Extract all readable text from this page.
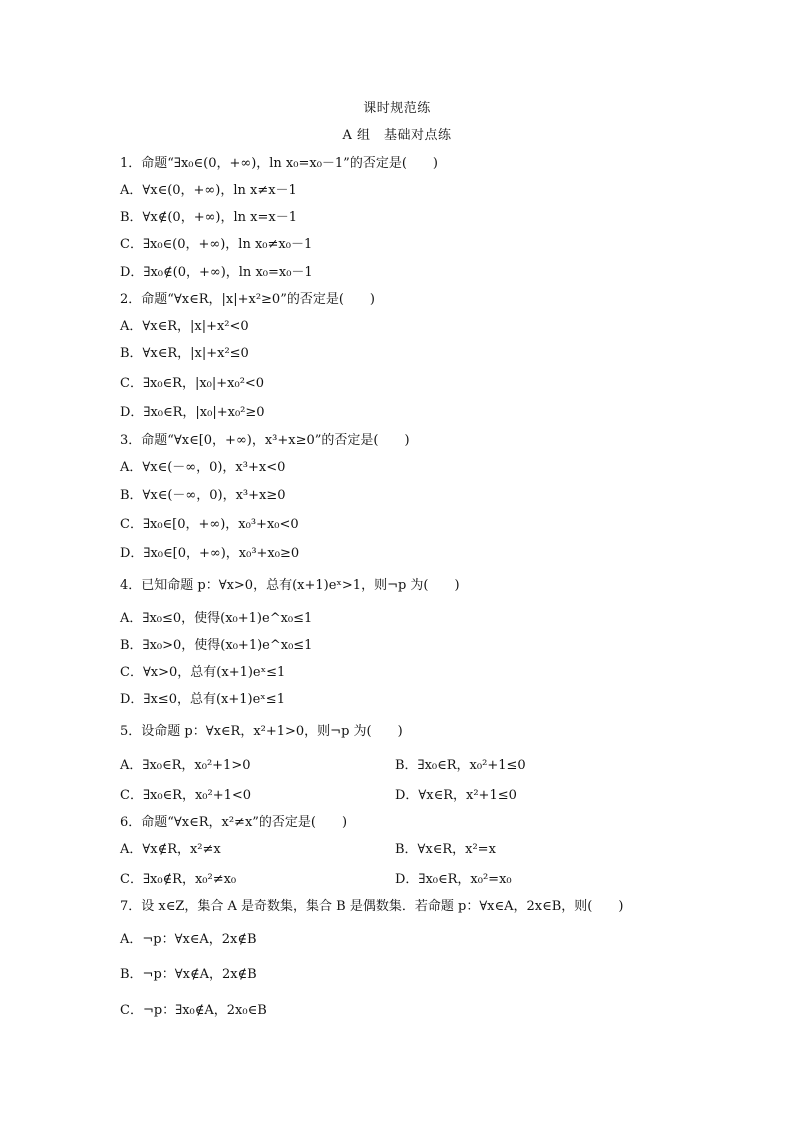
课时规范练
A 组　基础对点练
1．命题“∃x₀∈(0，+∞)，ln x₀=x₀－1”的否定是(　　)
A．∀x∈(0，+∞)，ln x≠x－1
B．∀x∉(0，+∞)，ln x=x－1
C．∃x₀∈(0，+∞)，ln x₀≠x₀－1
D．∃x₀∉(0，+∞)，ln x₀=x₀－1
2．命题“∀x∈R，|x|+x²≥0”的否定是(　　)
A．∀x∈R，|x|+x²<0
B．∀x∈R，|x|+x²≤0
C．∃x₀∈R，|x₀|+x₀²<0
D．∃x₀∈R，|x₀|+x₀²≥0
3．命题“∀x∈[0，+∞)，x³+x≥0”的否定是(　　)
A．∀x∈(－∞，0)，x³+x<0
B．∀x∈(－∞，0)，x³+x≥0
C．∃x₀∈[0，+∞)，x₀³+x₀<0
D．∃x₀∈[0，+∞)，x₀³+x₀≥0
4．已知命题 p：∀x>0，总有(x+1)eˣ>1，则¬p 为(　　)
A．∃x₀≤0，使得(x₀+1)e^x₀≤1
B．∃x₀>0，使得(x₀+1)e^x₀≤1
C．∀x>0，总有(x+1)eˣ≤1
D．∃x≤0，总有(x+1)eˣ≤1
5．设命题 p：∀x∈R，x²+1>0，则¬p 为(　　)
A．∃x₀∈R，x₀²+1>0	B．∃x₀∈R，x₀²+1≤0
C．∃x₀∈R，x₀²+1<0	D．∀x∈R，x²+1≤0
6．命题“∀x∈R，x²≠x”的否定是(　　)
A．∀x∉R，x²≠x	B．∀x∈R，x²=x
C．∃x₀∉R，x₀²≠x₀	D．∃x₀∈R，x₀²=x₀
7．设 x∈Z，集合 A 是奇数集，集合 B 是偶数集．若命题 p：∀x∈A，2x∈B，则(　　)
A．¬p：∀x∈A，2x∉B
B．¬p：∀x∉A，2x∉B
C．¬p：∃x₀∉A，2x₀∈B
